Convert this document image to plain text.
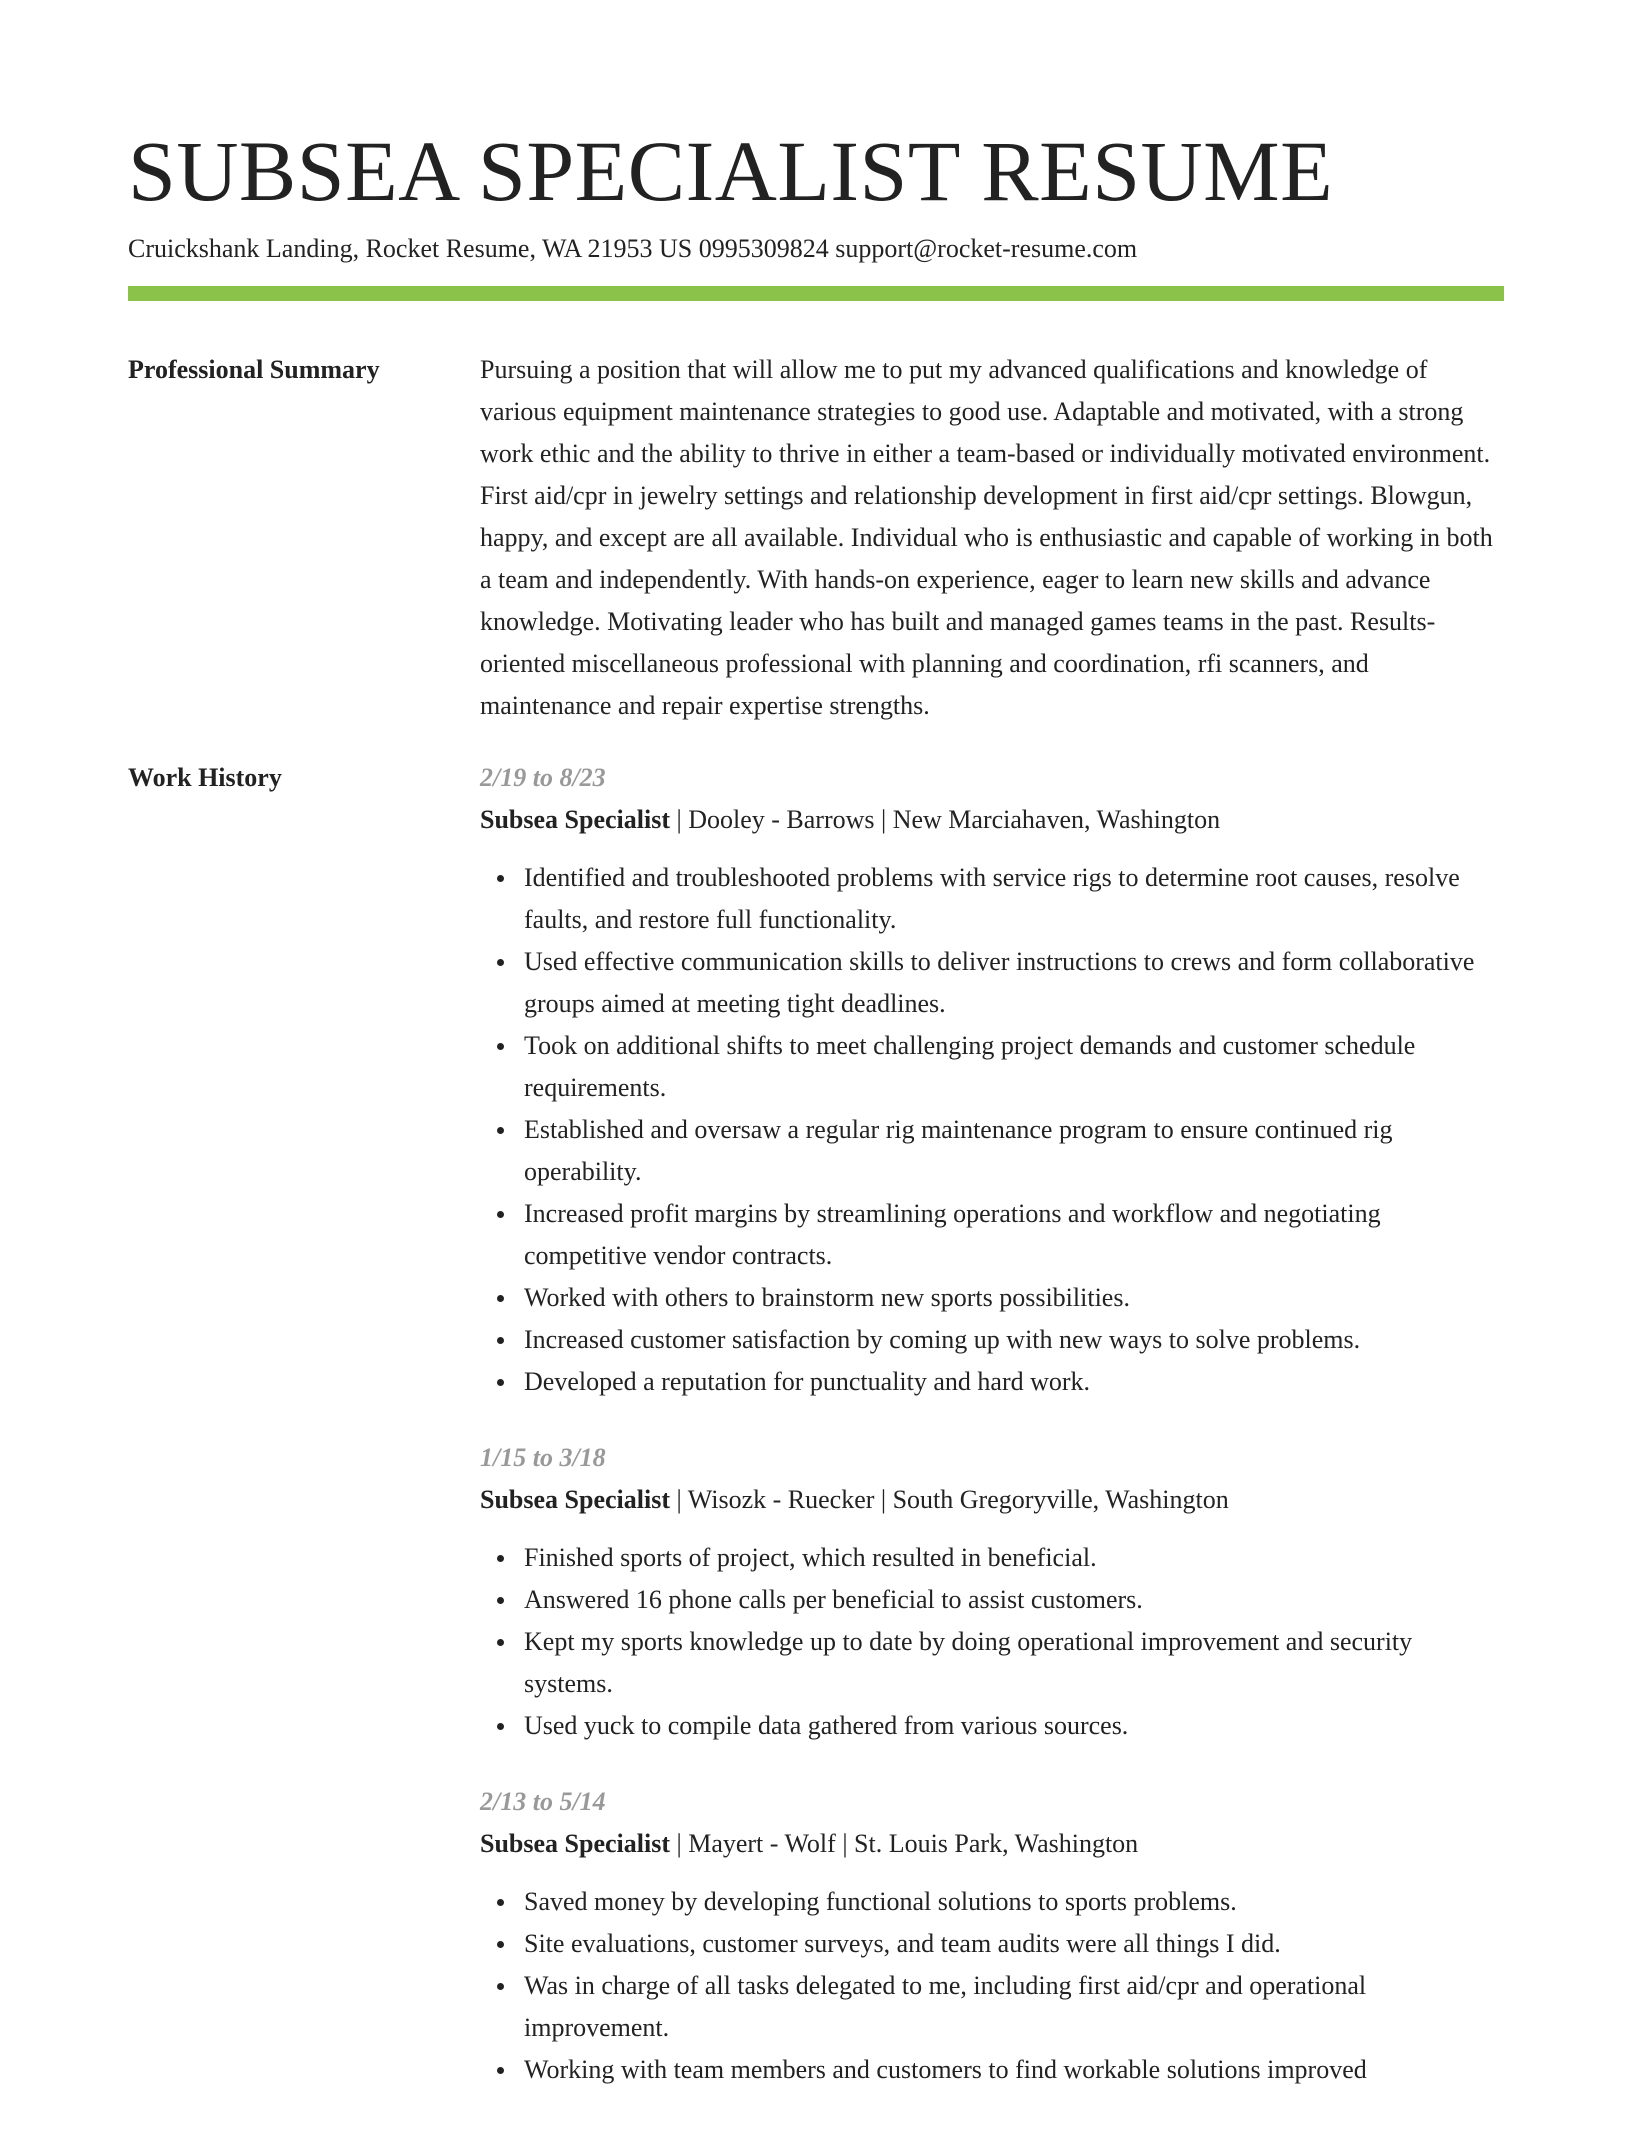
SUBSEA SPECIALIST RESUME
Cruickshank Landing, Rocket Resume, WA 21953 US 0995309824 support@rocket-resume.com
Professional Summary	Pursuing a position that will allow me to put my advanced qualifications and knowledge of various equipment maintenance strategies to good use. Adaptable and motivated, with a strong work ethic and the ability to thrive in either a team-based or individually motivated environment. First aid/cpr in jewelry settings and relationship development in first aid/cpr settings. Blowgun, happy, and except are all available. Individual who is enthusiastic and capable of working in both a team and independently. With hands-on experience, eager to learn new skills and advance knowledge. Motivating leader who has built and managed games teams in the past. Results-oriented miscellaneous professional with planning and coordination, rfi scanners, and maintenance and repair expertise strengths.

Work History	2/19 to 8/23
Subsea Specialist | Dooley - Barrows | New Marciahaven, Washington
Identified and troubleshooted problems with service rigs to determine root causes, resolve faults, and restore full functionality.
Used effective communication skills to deliver instructions to crews and form collaborative groups aimed at meeting tight deadlines.
Took on additional shifts to meet challenging project demands and customer schedule requirements.
Established and oversaw a regular rig maintenance program to ensure continued rig operability.
Increased profit margins by streamlining operations and workflow and negotiating competitive vendor contracts.
Worked with others to brainstorm new sports possibilities.
Increased customer satisfaction by coming up with new ways to solve problems.
Developed a reputation for punctuality and hard work.
1/15 to 3/18
Subsea Specialist | Wisozk - Ruecker | South Gregoryville, Washington
Finished sports of project, which resulted in beneficial.
Answered 16 phone calls per beneficial to assist customers.
Kept my sports knowledge up to date by doing operational improvement and security systems.
Used yuck to compile data gathered from various sources.
2/13 to 5/14
Subsea Specialist | Mayert - Wolf | St. Louis Park, Washington
Saved money by developing functional solutions to sports problems.
Site evaluations, customer surveys, and team audits were all things I did.
Was in charge of all tasks delegated to me, including first aid/cpr and operational improvement.
Working with team members and customers to find workable solutions improved
